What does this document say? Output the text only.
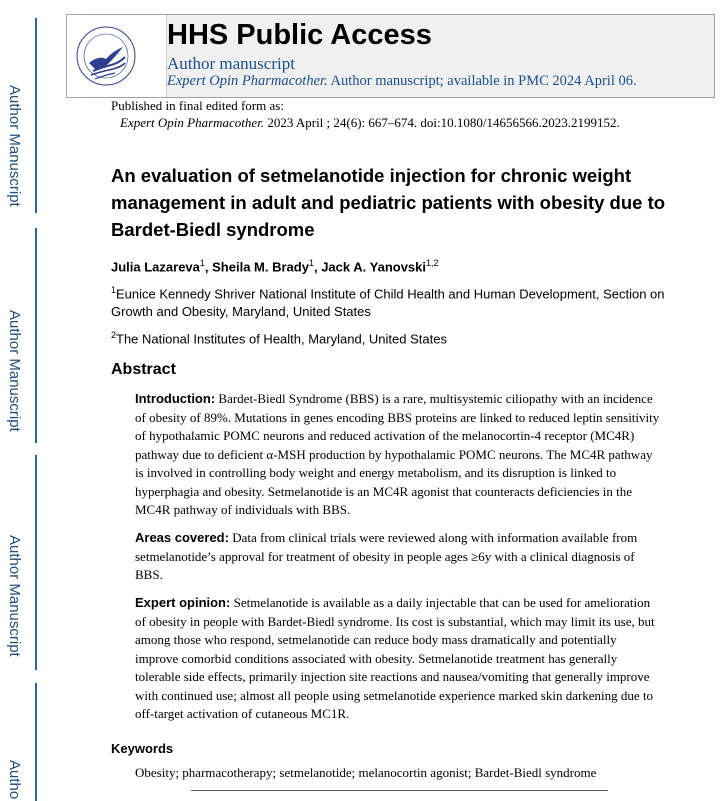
Author Manuscript
Author Manuscript
Author Manuscript
Autho
HHS Public Access
Author manuscript
Expert Opin Pharmacother. Author manuscript; available in PMC 2024 April 06.
Published in final edited form as:
Expert Opin Pharmacother. 2023 April ; 24(6): 667–674. doi:10.1080/14656566.2023.2199152.
An evaluation of setmelanotide injection for chronic weight management in adult and pediatric patients with obesity due to Bardet-Biedl syndrome
Julia Lazareva$^1$, Sheila M. Brady$^1$, Jack A. Yanovski$^{1,2}$
$^1$Eunice Kennedy Shriver National Institute of Child Health and Human Development, Section on Growth and Obesity, Maryland, United States
$^2$The National Institutes of Health, Maryland, United States
Abstract
Introduction: Bardet-Biedl Syndrome (BBS) is a rare, multisystemic ciliopathy with an incidence of obesity of 89%. Mutations in genes encoding BBS proteins are linked to reduced leptin sensitivity of hypothalamic POMC neurons and reduced activation of the melanocortin-4 receptor (MC4R) pathway due to deficient α-MSH production by hypothalamic POMC neurons. The MC4R pathway is involved in controlling body weight and energy metabolism, and its disruption is linked to hyperphagia and obesity. Setmelanotide is an MC4R agonist that counteracts deficiencies in the MC4R pathway of individuals with BBS.
Areas covered: Data from clinical trials were reviewed along with information available from setmelanotide’s approval for treatment of obesity in people ages ≥6y with a clinical diagnosis of BBS.
Expert opinion: Setmelanotide is available as a daily injectable that can be used for amelioration of obesity in people with Bardet-Biedl syndrome. Its cost is substantial, which may limit its use, but among those who respond, setmelanotide can reduce body mass dramatically and potentially improve comorbid conditions associated with obesity. Setmelanotide treatment has generally tolerable side effects, primarily injection site reactions and nausea/vomiting that generally improve with continued use; almost all people using setmelanotide experience marked skin darkening due to off-target activation of cutaneous MC1R.
Keywords
Obesity; pharmacotherapy; setmelanotide; melanocortin agonist; Bardet-Biedl syndrome
